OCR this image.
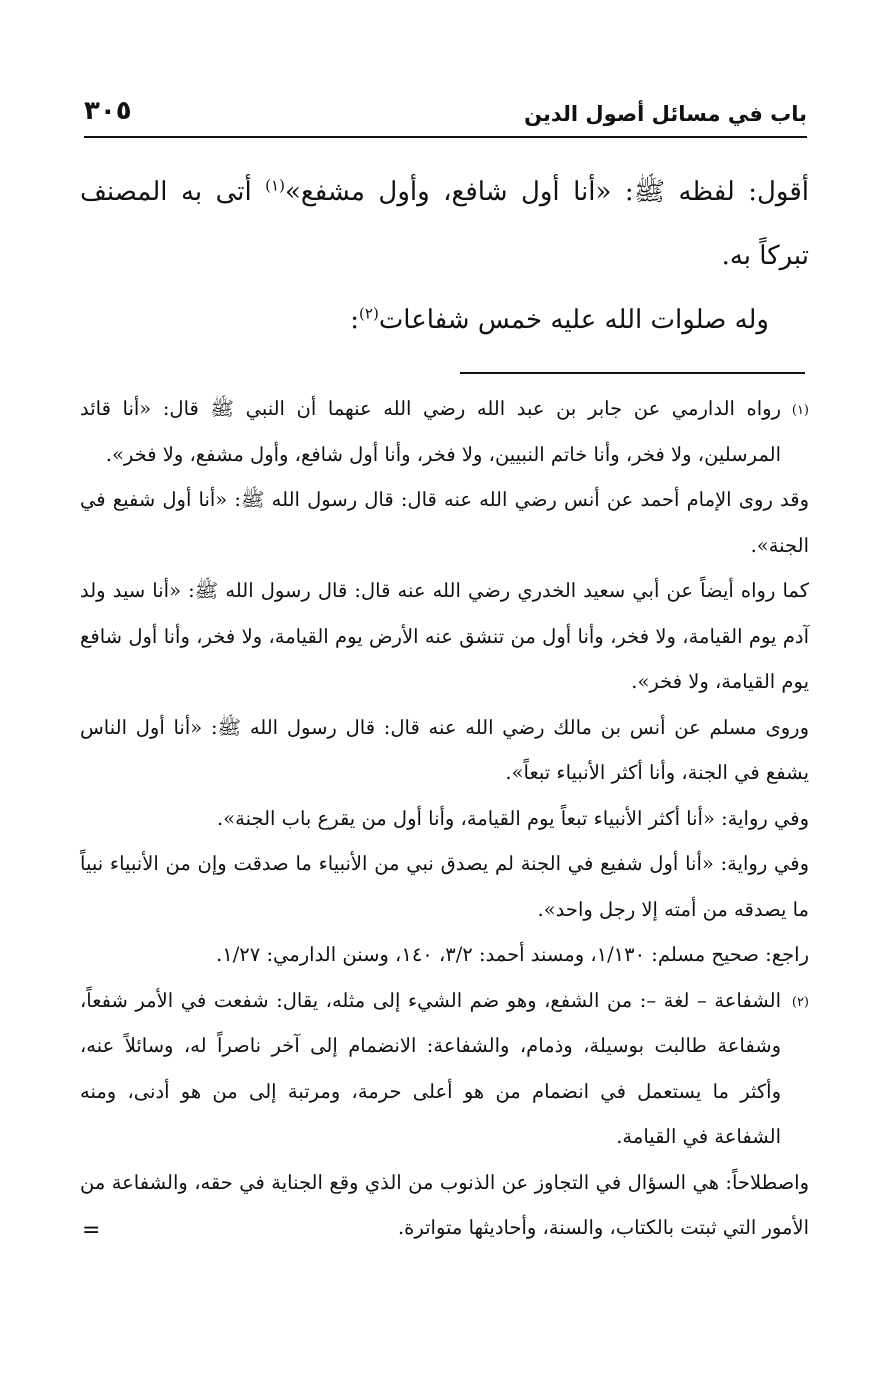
باب في مسائل أصول الدين
٣٠٥

أقول: لفظه ﷺ: «أنا أول شافع، وأول مشفع»$^{(١)}$ أتى به المصنف تبركاً به.

وله صلوات الله عليه خمس شفاعات$^{(٢)}$:

(١)

رواه الدارمي عن جابر بن عبد الله رضي الله عنهما أن النبي ﷺ قال: «أنا قائد المرسلين، ولا فخر، وأنا خاتم النبيين، ولا فخر، وأنا أول شافع، وأول مشفع، ولا فخر».

وقد روى الإمام أحمد عن أنس رضي الله عنه قال: قال رسول الله ﷺ: «أنا أول شفيع في الجنة».

كما رواه أيضاً عن أبي سعيد الخدري رضي الله عنه قال: قال رسول الله ﷺ: «أنا سيد ولد آدم يوم القيامة، ولا فخر، وأنا أول من تنشق عنه الأرض يوم القيامة، ولا فخر، وأنا أول شافع يوم القيامة، ولا فخر».

وروى مسلم عن أنس بن مالك رضي الله عنه قال: قال رسول الله ﷺ: «أنا أول الناس يشفع في الجنة، وأنا أكثر الأنبياء تبعاً».

وفي رواية: «أنا أكثر الأنبياء تبعاً يوم القيامة، وأنا أول من يقرع باب الجنة».

وفي رواية: «أنا أول شفيع في الجنة لم يصدق نبي من الأنبياء ما صدقت وإن من الأنبياء نبياً ما يصدقه من أمته إلا رجل واحد».

راجع: صحيح مسلم: ١/١٣٠، ومسند أحمد: ٣/٢، ١٤٠، وسنن الدارمي: ١/٢٧.

(٢)

الشفاعة – لغة –: من الشفع، وهو ضم الشيء إلى مثله، يقال: شفعت في الأمر شفعاً، وشفاعة طالبت بوسيلة، وذمام، والشفاعة: الانضمام إلى آخر ناصراً له، وسائلاً عنه، وأكثر ما يستعمل في انضمام من هو أعلى حرمة، ومرتبة إلى من هو أدنى، ومنه الشفاعة في القيامة.

واصطلاحاً: هي السؤال في التجاوز عن الذنوب من الذي وقع الجناية في حقه، والشفاعة من الأمور التي ثبتت بالكتاب، والسنة، وأحاديثها متواترة.

=
